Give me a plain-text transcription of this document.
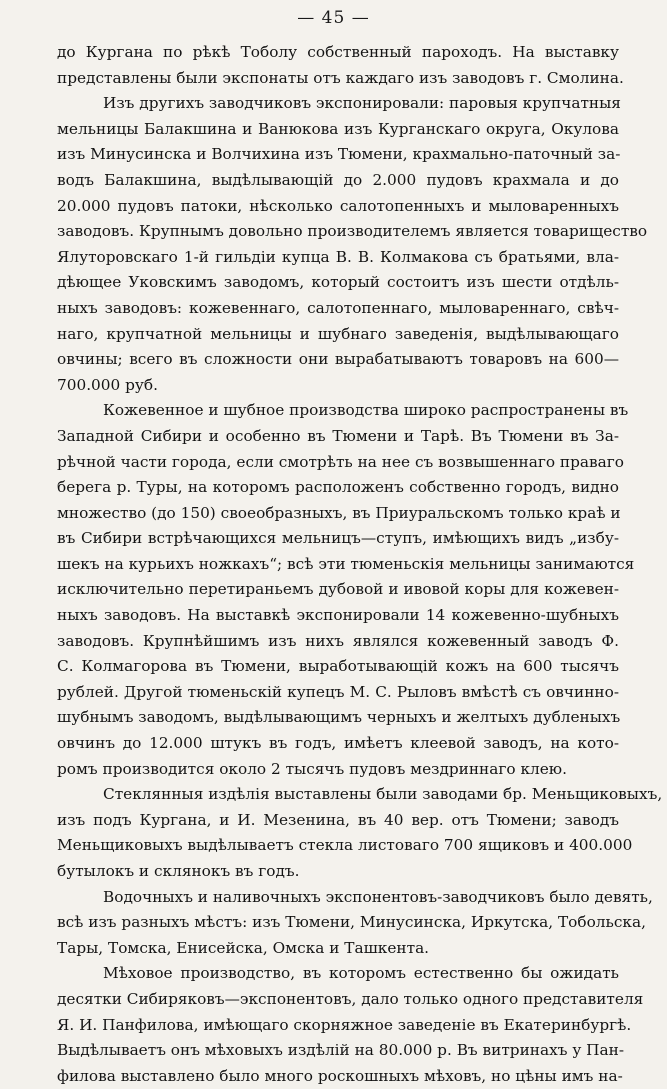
— 45 —
до Кургана по рѣкѣ Тоболу собственный пароходъ. На выставку
представлены были экспонаты отъ каждаго изъ заводовъ г. Смолина.
Изъ другихъ заводчиковъ экспонировали: паровыя крупчатныя
мельницы Балакшина и Ванюкова изъ Курганскаго округа, Окулова
изъ Минусинска и Волчихина изъ Тюмени, крахмально-паточный за-
водъ Балакшина, выдѣлывающій до 2.000 пудовъ крахмала и до
20.000 пудовъ патоки, нѣсколько салотопенныхъ и мыловаренныхъ
заводовъ. Крупнымъ довольно производителемъ является товарищество
Ялуторовскаго 1-й гильдіи купца В. В. Колмакова съ братьями, вла-
дѣющее Уковскимъ заводомъ, который состоитъ изъ шести отдѣль-
ныхъ заводовъ: кожевеннаго, салотопеннаго, мыловареннаго, свѣч-
наго, крупчатной мельницы и шубнаго заведенія, выдѣлывающаго
овчины; всего въ сложности они вырабатываютъ товаровъ на 600—
700.000 руб.
Кожевенное и шубное производства широко распространены въ
Западной Сибири и особенно въ Тюмени и Тарѣ. Въ Тюмени въ За-
рѣчной части города, если смотрѣть на нее съ возвышеннаго праваго
берега р. Туры, на которомъ расположенъ собственно городъ, видно
множество (до 150) своеобразныхъ, въ Приуральскомъ только краѣ и
въ Сибири встрѣчающихся мельницъ—ступъ, имѣющихъ видъ „избу-
шекъ на курьихъ ножкахъ“; всѣ эти тюменьскія мельницы занимаются
исключительно перетираньемъ дубовой и ивовой коры для кожевен-
ныхъ заводовъ. На выставкѣ экспонировали 14 кожевенно-шубныхъ
заводовъ. Крупнѣйшимъ изъ нихъ являлся кожевенный заводъ Ф.
С. Колмагорова въ Тюмени, выработывающій кожъ на 600 тысячъ
рублей. Другой тюменьскій купецъ М. С. Рыловъ вмѣстѣ съ овчинно-
шубнымъ заводомъ, выдѣлывающимъ черныхъ и желтыхъ дубленыхъ
овчинъ до 12.000 штукъ въ годъ, имѣетъ клеевой заводъ, на кото-
ромъ производится около 2 тысячъ пудовъ мездриннаго клею.
Стеклянныя издѣлія выставлены были заводами бр. Меньщиковыхъ,
изъ подъ Кургана, и И. Мезенина, въ 40 вер. отъ Тюмени; заводъ
Меньщиковыхъ выдѣлываетъ стекла листоваго 700 ящиковъ и 400.000
бутылокъ и склянокъ въ годъ.
Водочныхъ и наливочныхъ экспонентовъ-заводчиковъ было девять,
всѣ изъ разныхъ мѣстъ: изъ Тюмени, Минусинска, Иркутска, Тобольска,
Тары, Томска, Енисейска, Омска и Ташкента.
Мѣховое производство, въ которомъ естественно бы ожидать
десятки Сибиряковъ—экспонентовъ, дало только одного представителя
Я. И. Панфилова, имѣющаго скорняжное заведеніе въ Екатеринбургѣ.
Выдѣлываетъ онъ мѣховыхъ издѣлій на 80.000 р. Въ витринахъ у Пан-
филова выставлено было много роскошныхъ мѣховъ, но цѣны имъ на-
